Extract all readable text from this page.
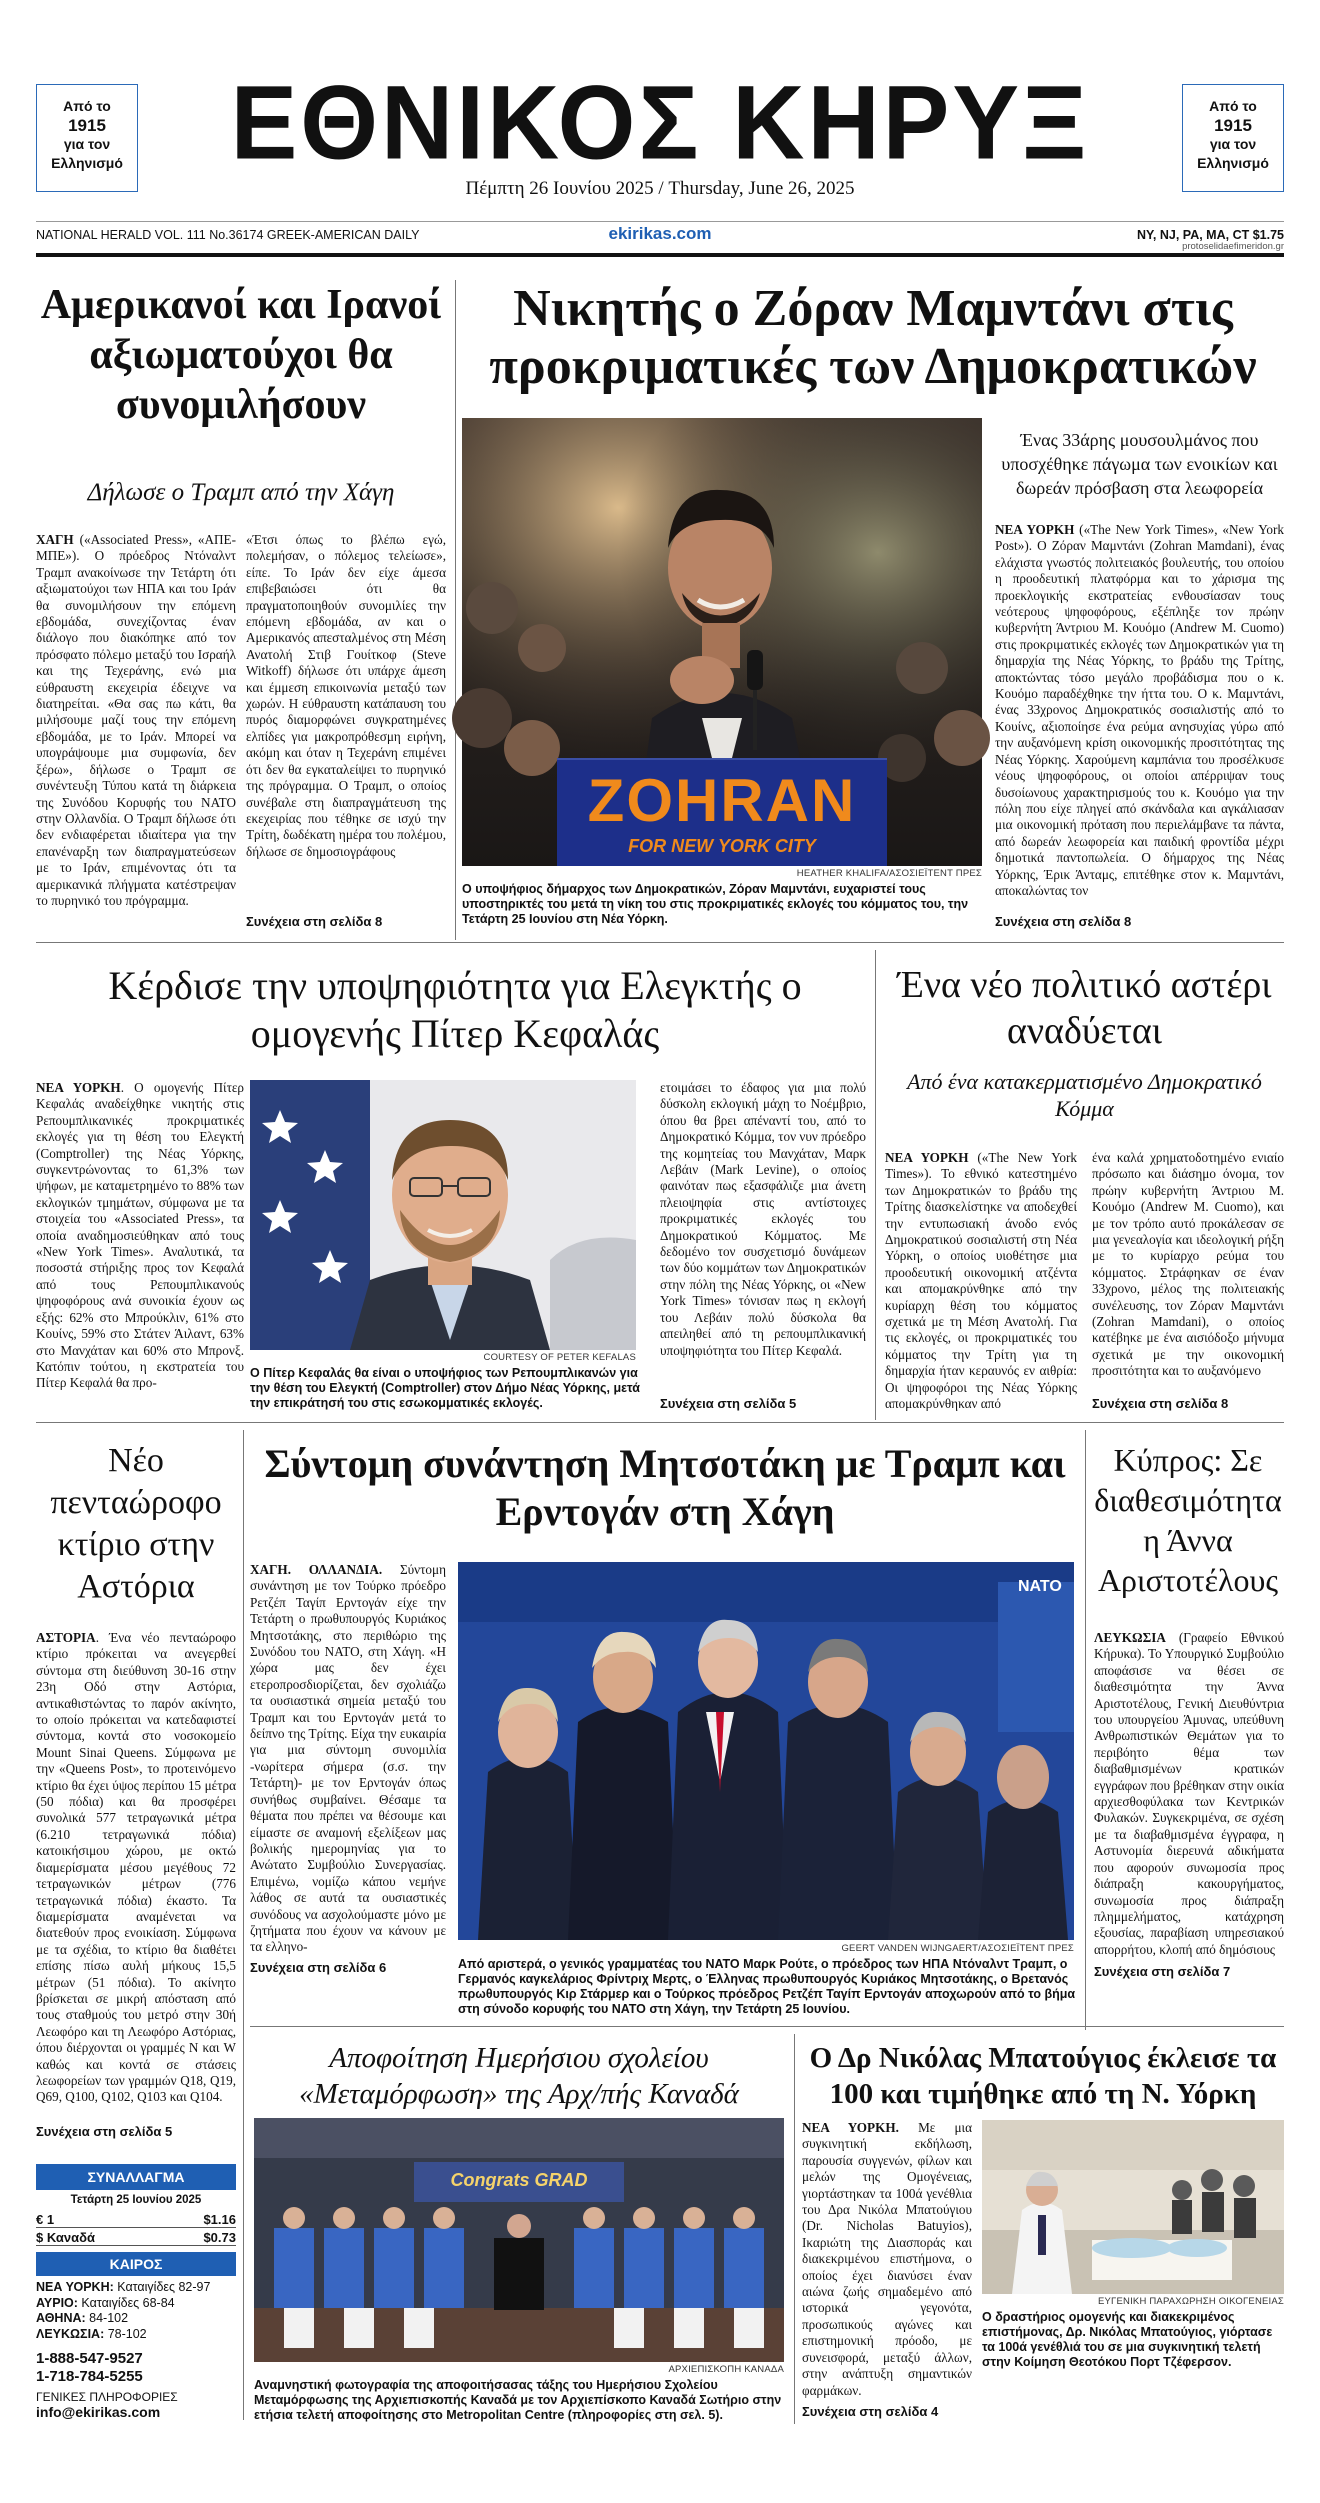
Από το
1915
για τον
Ελληνισμό
Από το
1915
για τον
Ελληνισμό
ΕΘΝΙΚΟΣ ΚΗΡΥΞ
Πέμπτη 26 Ιουνίου 2025 / Thursday, June 26, 2025
NATIONAL HERALD VOL. 111 No.36174 GREEK-AMERICAN DAILY	ekirikas.com	NY, NJ, PA, MA, CT $1.75
protoselidaefimeridon.gr
Αμερικανοί και Ιρανοί αξιωματούχοι θα συνομιλήσουν
Δήλωσε ο Τραμπ από την Χάγη
ΧΑΓΗ («Associated Press», «ΑΠΕ-ΜΠΕ»). Ο πρόεδρος Ντόναλντ Τραμπ ανακοίνωσε την Τετάρτη ότι αξιωματούχοι των ΗΠΑ και του Ιράν θα συνομιλήσουν την επόμενη εβδομάδα, συνεχίζοντας έναν διάλογο που διακόπηκε από τον πρόσφατο πόλεμο μεταξύ του Ισραήλ και της Τεχεράνης, ενώ μια εύθραυστη εκεχειρία έδειχνε να διατηρείται. «Θα σας πω κάτι, θα μιλήσουμε μαζί τους την επόμενη εβδομάδα, με το Ιράν. Μπορεί να υπογράψουμε μια συμφωνία, δεν ξέρω», δήλωσε ο Τραμπ σε συνέντευξη Τύπου κατά τη διάρκεια της Συνόδου Κορυφής του ΝΑΤΟ στην Ολλανδία. Ο Τραμπ δήλωσε ότι δεν ενδιαφέρεται ιδιαίτερα για την επανέναρξη των διαπραγματεύσεων με το Ιράν, επιμένοντας ότι τα αμερικανικά πλήγματα κατέστρεψαν το πυρηνικό του πρόγραμμα.
«Έτσι όπως το βλέπω εγώ, πολεμήσαν, ο πόλεμος τελείωσε», είπε. Το Ιράν δεν είχε άμεσα επιβεβαιώσει ότι θα πραγματοποιηθούν συνομιλίες την επόμενη εβδομάδα, αν και ο Αμερικανός απεσταλμένος στη Μέση Ανατολή Στιβ Γουίτκοφ (Steve Witkoff) δήλωσε ότι υπάρχε άμεση και έμμεση επικοινωνία μεταξύ των χωρών. Η εύθραυστη κατάπαυση του πυρός διαμορφώνει συγκρατημένες ελπίδες για μακροπρόθεσμη ειρήνη, ακόμη και όταν η Τεχεράνη επιμένει ότι δεν θα εγκαταλείψει το πυρηνικό της πρόγραμμα. Ο Τραμπ, ο οποίος συνέβαλε στη διαπραγμάτευση της εκεχειρίας που τέθηκε σε ισχύ την Τρίτη, δωδέκατη ημέρα του πολέμου, δήλωσε σε δημοσιογράφους
Συνέχεια στη σελίδα 8
Νικητής ο Ζόραν Μαμντάνι στις προκριματικές των Δημοκρατικών
ZOHRAN
FOR NEW YORK CITY
HEATHER KHALIFA/ΑΣΟΣΙΕΪΤΕΝΤ ΠΡΕΣ
Ο υποψήφιος δήμαρχος των Δημοκρατικών, Ζόραν Μαμντάνι, ευχαριστεί τους υποστηρικτές του μετά τη νίκη του στις προκριματικές εκλογές του κόμματος του, την Τετάρτη 25 Ιουνίου στη Νέα Υόρκη.
Ένας 33άρης μουσουλμάνος που υποσχέθηκε πάγωμα των ενοικίων και δωρεάν πρόσβαση στα λεωφορεία
ΝΕΑ ΥΟΡΚΗ («The New York Times», «New York Post»). Ο Ζόραν Μαμντάνι (Zohran Mamdani), ένας ελάχιστα γνωστός πολιτειακός βουλευτής, του οποίου η προοδευτική πλατφόρμα και το χάρισμα της προεκλογικής εκστρατείας ενθουσίασαν τους νεότερους ψηφοφόρους, εξέπληξε τον πρώην κυβερνήτη Άντριου Μ. Κουόμο (Andrew M. Cuomo) στις προκριματικές εκλογές των Δημοκρατικών για τη δημαρχία της Νέας Υόρκης, το βράδυ της Τρίτης, αποκτώντας τόσο μεγάλο προβάδισμα που ο κ. Κουόμο παραδέχθηκε την ήττα του. Ο κ. Μαμντάνι, ένας 33χρονος Δημοκρατικός σοσιαλιστής από το Κουίνς, αξιοποίησε ένα ρεύμα ανησυχίας γύρω από την αυξανόμενη κρίση οικονομικής προσιτότητας της Νέας Υόρκης. Χαρούμενη καμπάνια του προσέλκυσε νέους ψηφοφόρους, οι οποίοι απέρριψαν τους δυσοίωνους χαρακτηρισμούς του κ. Κουόμο για την πόλη που είχε πληγεί από σκάνδαλα και αγκάλιασαν μια οικονομική πρόταση που περιελάμβανε τα πάντα, από δωρεάν λεωφορεία και παιδική φροντίδα μέχρι δημοτικά παντοπωλεία. Ο δήμαρχος της Νέας Υόρκης, Έρικ Άνταμς, επιτέθηκε στον κ. Μαμντάνι, αποκαλώντας τον
Συνέχεια στη σελίδα 8
Κέρδισε την υποψηφιότητα για Ελεγκτής ο ομογενής Πίτερ Κεφαλάς
ΝΕΑ ΥΟΡΚΗ. Ο ομογενής Πίτερ Κεφαλάς αναδείχθηκε νικητής στις Ρεπουμπλικανικές προκριματικές εκλογές για τη θέση του Ελεγκτή (Comptroller) της Νέας Υόρκης, συγκεντρώνοντας το 61,3% των ψήφων, με καταμετρημένο το 88% των εκλογικών τμημάτων, σύμφωνα με τα στοιχεία του «Associated Press», τα οποία αναδημοσιεύθηκαν από τους «New York Times». Αναλυτικά, τα ποσοστά στήριξης προς τον Κεφαλά από τους Ρεπουμπλικανούς ψηφοφόρους ανά συνοικία έχουν ως εξής: 62% στο Μπρούκλιν, 61% στο Κουίνς, 59% στο Στάτεν Άιλαντ, 63% στο Μανχάταν και 60% στο Μπρονξ. Κατόπιν τούτου, η εκστρατεία του Πίτερ Κεφαλά θα προ-
COURTESY OF PETER KEFALAS
Ο Πίτερ Κεφαλάς θα είναι ο υποψήφιος των Ρεπουμπλικανών για την θέση του Ελεγκτή (Comptroller) στον Δήμο Νέας Υόρκης, μετά την επικράτησή του στις εσωκομματικές εκλογές.
ετοιμάσει το έδαφος για μια πολύ δύσκολη εκλογική μάχη το Νοέμβριο, όπου θα βρει απέναντί του, από το Δημοκρατικό Κόμμα, τον νυν πρόεδρο της κομητείας του Μανχάταν, Μαρκ Λεβάιν (Mark Levine), ο οποίος φαινόταν πως εξασφάλιζε μια άνετη πλειοψηφία στις αντίστοιχες προκριματικές εκλογές του Δημοκρατικού Κόμματος. Με δεδομένο τον συσχετισμό δυνάμεων των δύο κομμάτων των Δημοκρατικών στην πόλη της Νέας Υόρκης, οι «New York Times» τόνισαν πως η εκλογή του Λεβάιν πολύ δύσκολα θα απειληθεί από τη ρεπουμπλικανική υποψηφιότητα του Πίτερ Κεφαλά.
Συνέχεια στη σελίδα 5
Ένα νέο πολιτικό αστέρι αναδύεται
Από ένα κατακερματισμένο Δημοκρατικό Κόμμα
ΝΕΑ ΥΟΡΚΗ («The New York Times»). Το εθνικό κατεστημένο των Δημοκρατικών το βράδυ της Τρίτης διασκελίστηκε να αποδεχθεί την εντυπωσιακή άνοδο ενός Δημοκρατικού σοσιαλιστή στη Νέα Υόρκη, ο οποίος υιοθέτησε μια προοδευτική οικονομική ατζέντα και απομακρύνθηκε από την κυρίαρχη θέση του κόμματος σχετικά με τη Μέση Ανατολή. Για τις εκλογές, οι προκριματικές του κόμματος την Τρίτη για τη δημαρχία ήταν κεραυνός εν αιθρία: Οι ψηφοφόροι της Νέας Υόρκης απομακρύνθηκαν από
ένα καλά χρηματοδοτημένο ενιαίο πρόσωπο και διάσημο όνομα, τον πρώην κυβερνήτη Άντριου Μ. Κουόμο (Andrew M. Cuomo), και με τον τρόπο αυτό προκάλεσαν σε μια γενεαλογία και ιδεολογική ρήξη με το κυρίαρχο ρεύμα του κόμματος. Στράφηκαν σε έναν 33χρονο, μέλος της πολιτειακής συνέλευσης, τον Ζόραν Μαμντάνι (Zohran Mamdani), ο οποίος κατέβηκε με ένα αισιόδοξο μήνυμα σχετικά με την οικονομική προσιτότητα και το αυξανόμενο
Συνέχεια στη σελίδα 8
Νέο πενταώροφο κτίριο στην Αστόρια
ΑΣΤΟΡΙΑ. Ένα νέο πενταώροφο κτίριο πρόκειται να ανεγερθεί σύντομα στη διεύθυνση 30-16 στην 23η Οδό στην Αστόρια, αντικαθιστώντας το παρόν ακίνητο, το οποίο πρόκειται να κατεδαφιστεί σύντομα, κοντά στο νοσοκομείο Mount Sinai Queens. Σύμφωνα με την «Queens Post», το προτεινόμενο κτίριο θα έχει ύψος περίπου 15 μέτρα (50 πόδια) και θα προσφέρει συνολικά 577 τετραγωνικά μέτρα (6.210 τετραγωνικά πόδια) κατοικήσιμου χώρου, με οκτώ διαμερίσματα μέσου μεγέθους 72 τετραγωνικών μέτρων (776 τετραγωνικά πόδια) έκαστο. Τα διαμερίσματα αναμένεται να διατεθούν προς ενοικίαση. Σύμφωνα με τα σχέδια, το κτίριο θα διαθέτει επίσης πίσω αυλή μήκους 15,5 μέτρων (51 πόδια). Το ακίνητο βρίσκεται σε μικρή απόσταση από τους σταθμούς του μετρό στην 30ή Λεωφόρο και τη Λεωφόρο Αστόριας, όπου διέρχονται οι γραμμές N και W καθώς και κοντά σε στάσεις λεωφορείων των γραμμών Q18, Q19, Q69, Q100, Q102, Q103 και Q104.
Συνέχεια στη σελίδα 5
ΣΥΝΑΛΛΑΓΜΑ
Τετάρτη 25 Ιουνίου 2025
€ 1	$1.16
$ Καναδά	$0.73
ΚΑΙΡΟΣ
ΝΕΑ ΥΟΡΚΗ: Καταιγίδες 82-97
ΑΥΡΙΟ: Καταιγίδες 68-84
ΑΘΗΝΑ: 84-102
ΛΕΥΚΩΣΙΑ: 78-102
1-888-547-9527
1-718-784-5255
ΓΕΝΙΚΕΣ ΠΛΗΡΟΦΟΡΙΕΣ
info@ekirikas.com
Σύντομη συνάντηση Μητσοτάκη με Τραμπ και Ερντογάν στη Χάγη
ΧΑΓΗ. ΟΛΛΑΝΔΙΑ. Σύντομη συνάντηση με τον Τούρκο πρόεδρο Ρετζέπ Ταγίπ Ερντογάν είχε την Τετάρτη ο πρωθυπουργός Κυριάκος Μητσοτάκης, στο περιθώριο της Συνόδου του ΝΑΤΟ, στη Χάγη. «Η χώρα μας δεν έχει ετεροπροσδιορίζεται, δεν σχολιάζω τα ουσιαστικά σημεία μεταξύ του Τραμπ και του Ερντογάν μετά το δείπνο της Τρίτης. Είχα την ευκαιρία για μια σύντομη συνομιλία -νωρίτερα σήμερα (σ.σ. την Τετάρτη)- με τον Ερντογάν όπως συνήθως συμβαίνει. Θέσαμε τα θέματα που πρέπει να θέσουμε και είμαστε σε αναμονή εξελίξεων μας βολικής ημερομηνίας για το Ανώτατο Συμβούλιο Συνεργασίας. Επιμένω, νομίζω κάπου νεμήνε λάθος σε αυτά τα ουσιαστικές συνόδους να ασχολούμαστε μόνο με ζητήματα που έχουν να κάνουν με τα ελληνο-
Συνέχεια στη σελίδα 6
NATO
GEERT VANDEN WIJNGAERT/ΑΣΟΣΙΕΪΤΕΝΤ ΠΡΕΣ
Από αριστερά, ο γενικός γραμματέας του ΝΑΤΟ Μαρκ Ρούτε, ο πρόεδρος των ΗΠΑ Ντόναλντ Τραμπ, ο Γερμανός καγκελάριος Φρίντριχ Μερτς, ο Έλληνας πρωθυπουργός Κυριάκος Μητσοτάκης, ο Βρετανός πρωθυπουργός Κιρ Στάρμερ και ο Τούρκος πρόεδρος Ρετζέπ Ταγίπ Ερντογάν αποχωρούν από το βήμα στη σύνοδο κορυφής του ΝΑΤΟ στη Χάγη, την Τετάρτη 25 Ιουνίου.
Κύπρος: Σε διαθεσιμότητα η Άννα Αριστοτέλους
ΛΕΥΚΩΣΙΑ (Γραφείο Εθνικού Κήρυκα). Το Υπουργικό Συμβούλιο αποφάσισε να θέσει σε διαθεσιμότητα την Άννα Αριστοτέλους, Γενική Διευθύντρια του υπουργείου Άμυνας, υπεύθυνη Ανθρωπιστικών Θεμάτων για το περιβόητο θέμα των διαβαθμισμένων κρατικών εγγράφων που βρέθηκαν στην οικία αρχιεσθοφύλακα των Κεντρικών Φυλακών. Συγκεκριμένα, σε σχέση με τα διαβαθμισμένα έγγραφα, η Αστυνομία διερευνά αδικήματα που αφορούν συνωμοσία προς διάπραξη κακουργήματος, συνωμοσία προς διάπραξη πλημμελήματος, κατάχρηση εξουσίας, παραβίαση υπηρεσιακού απορρήτου, κλοπή από δημόσιους
Συνέχεια στη σελίδα 7
Αποφοίτηση Ημερήσιου σχολείου «Μεταμόρφωση» της Αρχ/πής Καναδά
Congrats GRAD
ΑΡΧΙΕΠΙΣΚΟΠΗ ΚΑΝΑΔΑ
Αναμνηστική φωτογραφία της αποφοιτήσασας τάξης του Ημερήσιου Σχολείου Μεταμόρφωσης της Αρχιεπισκοπής Καναδά με τον Αρχιεπίσκοπο Καναδά Σωτήριο στην ετήσια τελετή αποφοίτησης στο Metropolitan Centre (πληροφορίες στη σελ. 5).
Ο Δρ Νικόλας Μπατούγιος έκλεισε τα 100 και τιμήθηκε από τη Ν. Υόρκη
ΝΕΑ ΥΟΡΚΗ. Με μια συγκινητική εκδήλωση, παρουσία συγγενών, φίλων και μελών της Ομογένειας, γιορτάστηκαν τα 100ά γενέθλια του Δρα Νικόλα Μπατούγιου (Dr. Nicholas Batuyios), Ικαριώτη της Διασποράς και διακεκριμένου επιστήμονα, ο οποίος έχει διανύσει έναν αιώνα ζωής σημαδεμένο από ιστορικά γεγονότα, προσωπικούς αγώνες και επιστημονική πρόοδο, με συνεισφορά, μεταξύ άλλων, στην ανάπτυξη σημαντικών φαρμάκων.
Συνέχεια στη σελίδα 4
ΕΥΓΕΝΙΚΗ ΠΑΡΑΧΩΡΗΣΗ ΟΙΚΟΓΕΝΕΙΑΣ
Ο δραστήριος ομογενής και διακεκριμένος επιστήμονας, Δρ. Νικόλας Μπατούγιος, γιόρτασε τα 100ά γενέθλιά του σε μια συγκινητική τελετή στην Κοίμηση Θεοτόκου Πορτ Τζέφερσον.
